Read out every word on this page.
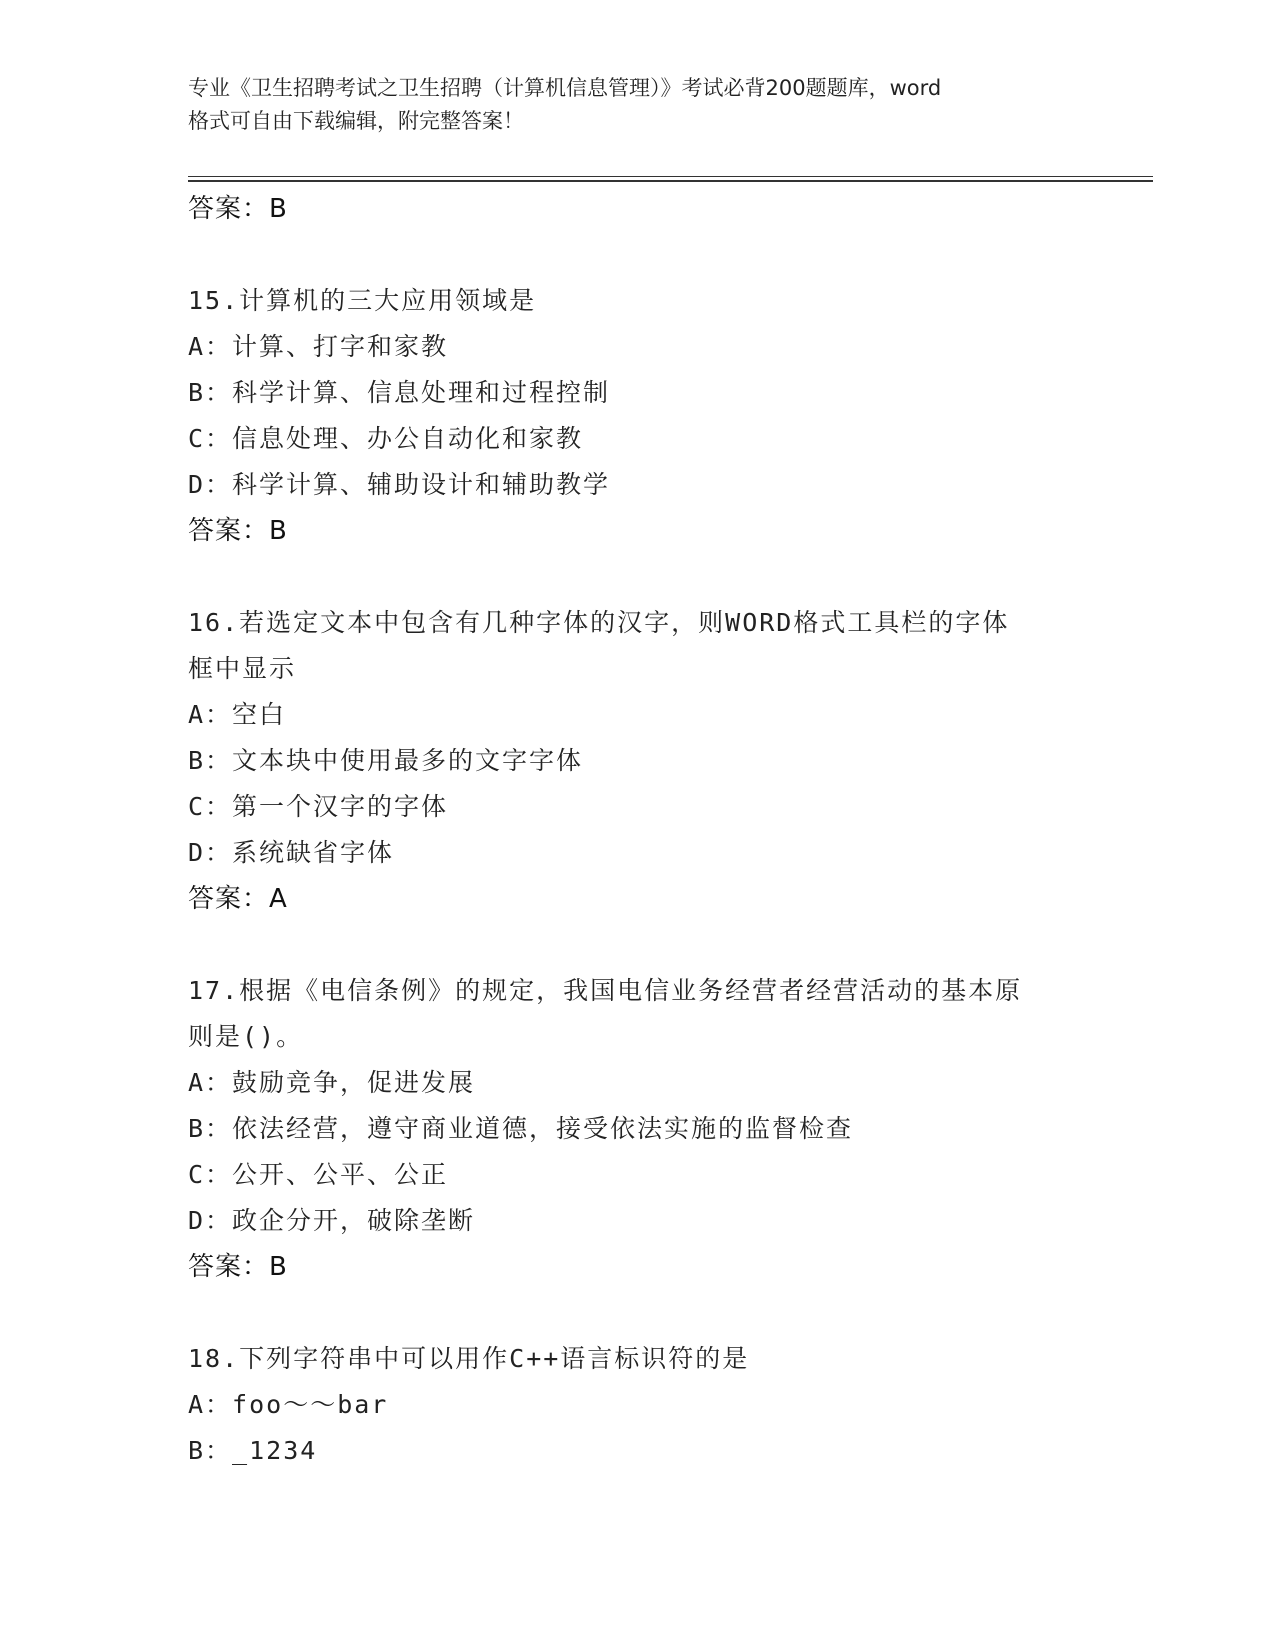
专业《卫生招聘考试之卫生招聘（计算机信息管理）》考试必背200题题库，word
格式可自由下载编辑，附完整答案！
答案：B
15.计算机的三大应用领域是
A：计算、打字和家教
B：科学计算、信息处理和过程控制
C：信息处理、办公自动化和家教
D：科学计算、辅助设计和辅助教学
答案：B
16.若选定文本中包含有几种字体的汉字，则WORD格式工具栏的字体
框中显示
A：空白
B：文本块中使用最多的文字字体
C：第一个汉字的字体
D：系统缺省字体
答案：A
17.根据《电信条例》的规定，我国电信业务经营者经营活动的基本原
则是()。
A：鼓励竞争，促进发展
B：依法经营，遵守商业道德，接受依法实施的监督检查
C：公开、公平、公正
D：政企分开，破除垄断
答案：B
18.下列字符串中可以用作C++语言标识符的是
A：foo～～bar
B：_1234
